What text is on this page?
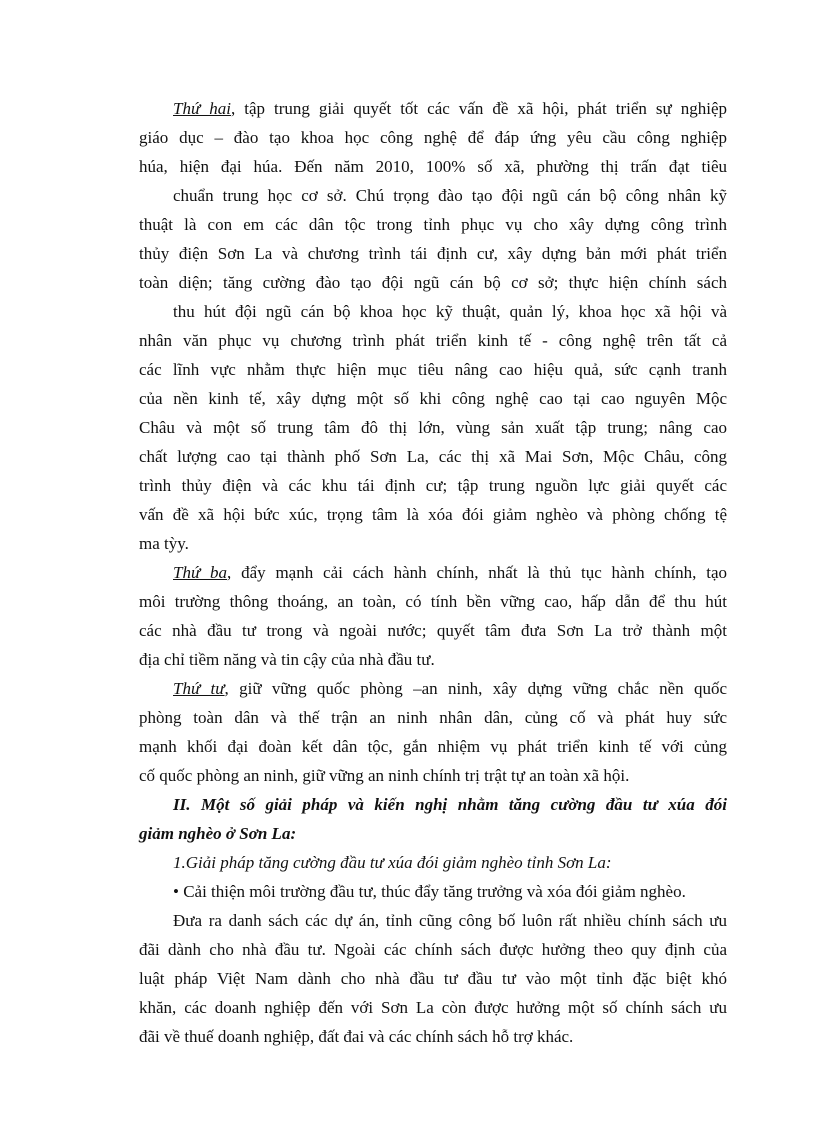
Thứ hai, tập trung giải quyết tốt các vấn đề xã hội, phát triển sự nghiệp
giáo dục – đào tạo khoa học công nghệ để đáp ứng yêu cầu công nghiệp
húa, hiện đại húa. Đến năm 2010, 100% số xã, phường thị trấn đạt tiêu
chuẩn trung học cơ sở. Chú trọng đào tạo đội ngũ cán bộ công nhân kỹ
thuật là con em các dân tộc trong tỉnh phục vụ cho xây dựng công trình
thủy điện Sơn La và chương trình tái định cư, xây dựng bản mới phát triển
toàn diện; tăng cường đào tạo đội ngũ cán bộ cơ sở; thực hiện chính sách
thu hút đội ngũ cán bộ khoa học kỹ thuật, quản lý, khoa học xã hội và
nhân văn phục vụ chương trình phát triển kinh tế - công nghệ trên tất cả
các lĩnh vực nhằm thực hiện mục tiêu nâng cao hiệu quả, sức cạnh tranh
của nền kinh tế, xây dựng một số khi công nghệ cao tại cao nguyên Mộc
Châu và một số trung tâm đô thị lớn, vùng sản xuất tập trung; nâng cao
chất lượng cao tại thành phố Sơn La, các thị xã Mai Sơn, Mộc Châu, công
trình thủy điện và các khu tái định cư; tập trung nguồn lực giải quyết các
vấn đề xã hội bức xúc, trọng tâm là xóa đói giảm nghèo và phòng chống tệ
ma tỳy.
Thứ ba, đẩy mạnh cải cách hành chính, nhất là thủ tục hành chính, tạo
môi trường thông thoáng, an toàn, có tính bền vững cao, hấp dẫn để thu hút
các nhà đầu tư trong và ngoài nước; quyết tâm đưa Sơn La trở thành một
địa chỉ tiềm năng và tin cậy của nhà đầu tư.
Thứ tư, giữ vững quốc phòng –an ninh, xây dựng vững chắc nền quốc
phòng toàn dân và thế trận an ninh nhân dân, củng cố và phát huy sức
mạnh khối đại đoàn kết dân tộc, gắn nhiệm vụ phát triển kinh tế với củng
cố quốc phòng an ninh, giữ vững an ninh chính trị trật tự an toàn xã hội.
II. Một số giải pháp và kiến nghị nhằm tăng cường đầu tư xúa đói
giảm nghèo ở Sơn La:
1.Giải pháp tăng cường đầu tư xúa đói giảm nghèo tỉnh Sơn La:
• Cải thiện môi trường đầu tư, thúc đẩy tăng trưởng và xóa đói giảm nghèo.
Đưa ra danh sách các dự án, tỉnh cũng công bố luôn rất nhiều chính sách ưu
đãi dành cho nhà đầu tư. Ngoài các chính sách được hưởng theo quy định của
luật pháp Việt Nam dành cho nhà đầu tư đầu tư vào một tỉnh đặc biệt khó
khăn, các doanh nghiệp đến với Sơn La còn được hưởng một số chính sách ưu
đãi về thuế doanh nghiệp, đất đai và các chính sách hỗ trợ khác.
